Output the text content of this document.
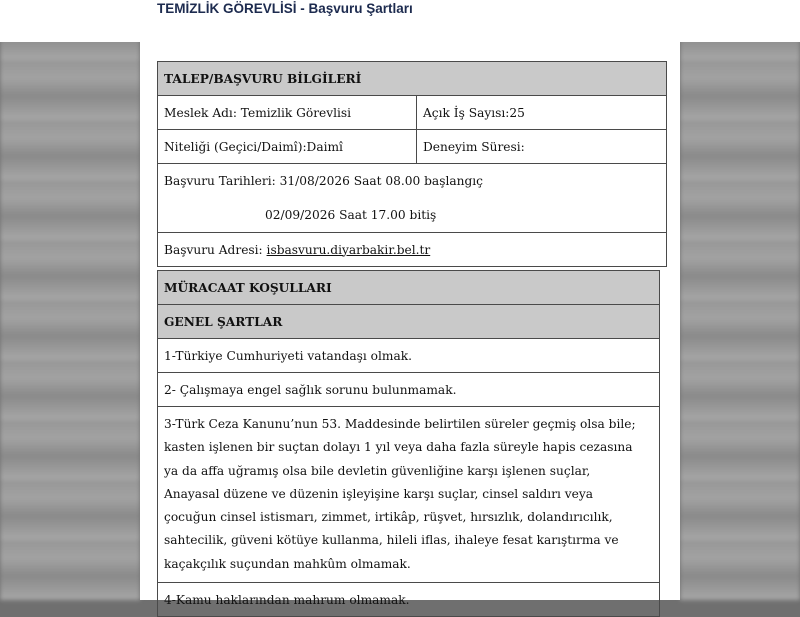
TEMİZLİK GÖREVLİSİ - Başvuru Şartları
TALEP/BAŞVURU BİLGİLERİ	
Meslek Adı: Temizlik Görevlisi	Açık İş Sayısı:25
Niteliği (Geçici/Daimî):Daimî	Deneyim Süresi:

Başvuru Tarihleri: 31/08/2026 Saat 08.00 başlangıç
02/09/2026 Saat 17.00 bitiş	

Başvuru Adresi: isbasvuru.diyarbakir.bel.tr	
MÜRACAAT KOŞULLARI
GENEL ŞARTLAR
1-Türkiye Cumhuriyeti vatandaşı olmak.
2- Çalışmaya engel sağlık sorunu bulunmamak.
3-Türk Ceza Kanunu’nun 53. Maddesinde belirtilen süreler geçmiş olsa bile; kasten işlenen bir suçtan dolayı 1 yıl veya daha fazla süreyle hapis cezasına ya da affa uğramış olsa bile devletin güvenliğine karşı işlenen suçlar, Anayasal düzene ve düzenin işleyişine karşı suçlar, cinsel saldırı veya çocuğun cinsel istismarı, zimmet, irtikâp, rüşvet, hırsızlık, dolandırıcılık, sahtecilik, güveni kötüye kullanma, hileli iflas, ihaleye fesat karıştırma ve kaçakçılık suçundan mahkûm olmamak.
4-Kamu haklarından mahrum olmamak.
